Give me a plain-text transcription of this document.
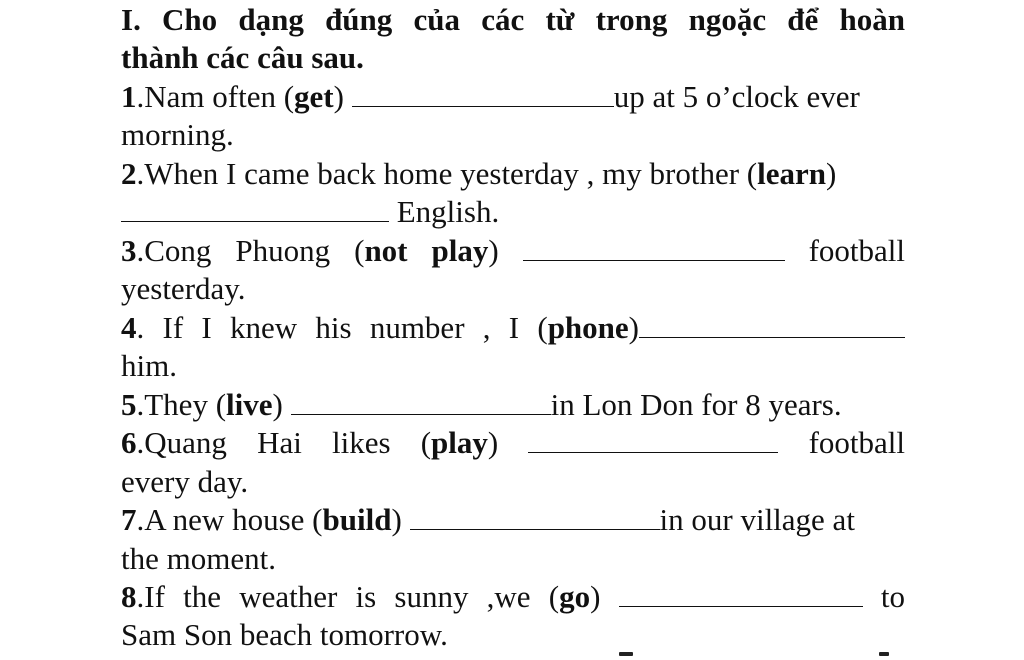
I. Cho dạng đúng của các từ trong ngoặc để hoàn
thành các câu sau.
1.Nam often (get)	up at 5 o’clock ever
morning.
2.When I came back home yesterday , my brother (learn)
English.
3.Cong Phuong (not play)	football
yesterday.
4. If I knew his number , I (phone)
him.
5.They (live)	in Lon Don for 8 years.
6.Quang Hai likes (play)	football
every day.
7.A new house (build)	in our village at
the moment.
8.If the weather is sunny ,we (go)	to
Sam Son beach tomorrow.
